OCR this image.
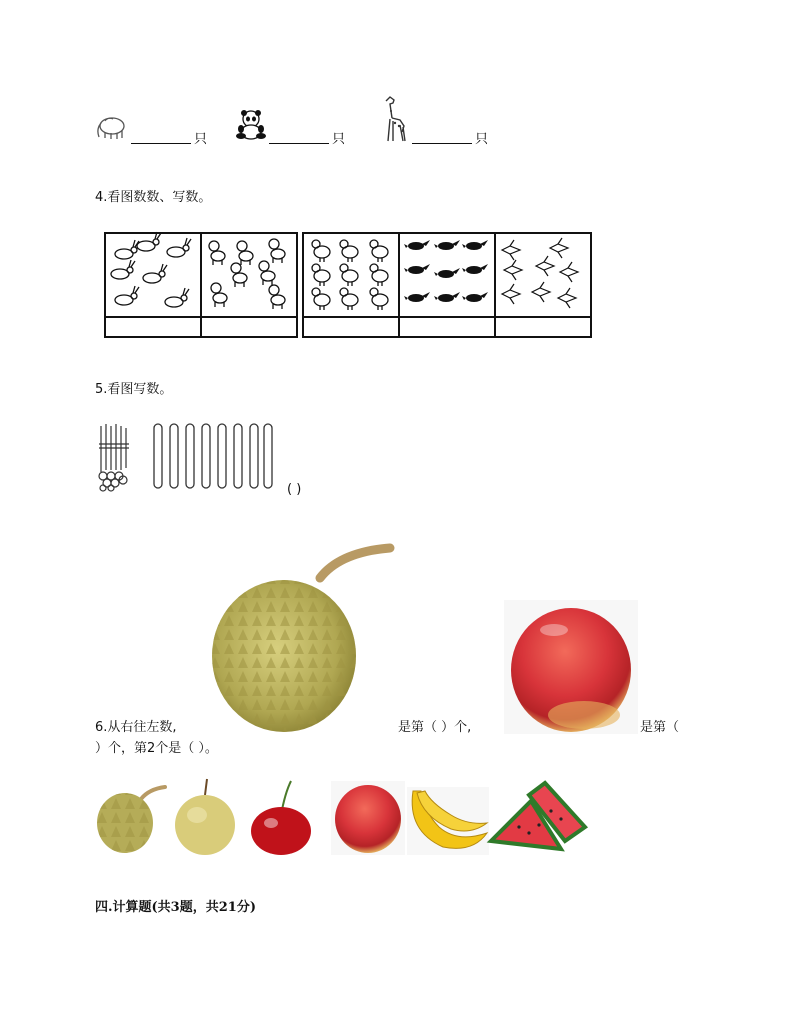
只	只	只
4.看图数数、写数。

5.看图写数。
( )
6.从右往左数,	是第（ ）个,	是第（
）个，第2个是（ ）。
四.计算题(共3题，共21分)
